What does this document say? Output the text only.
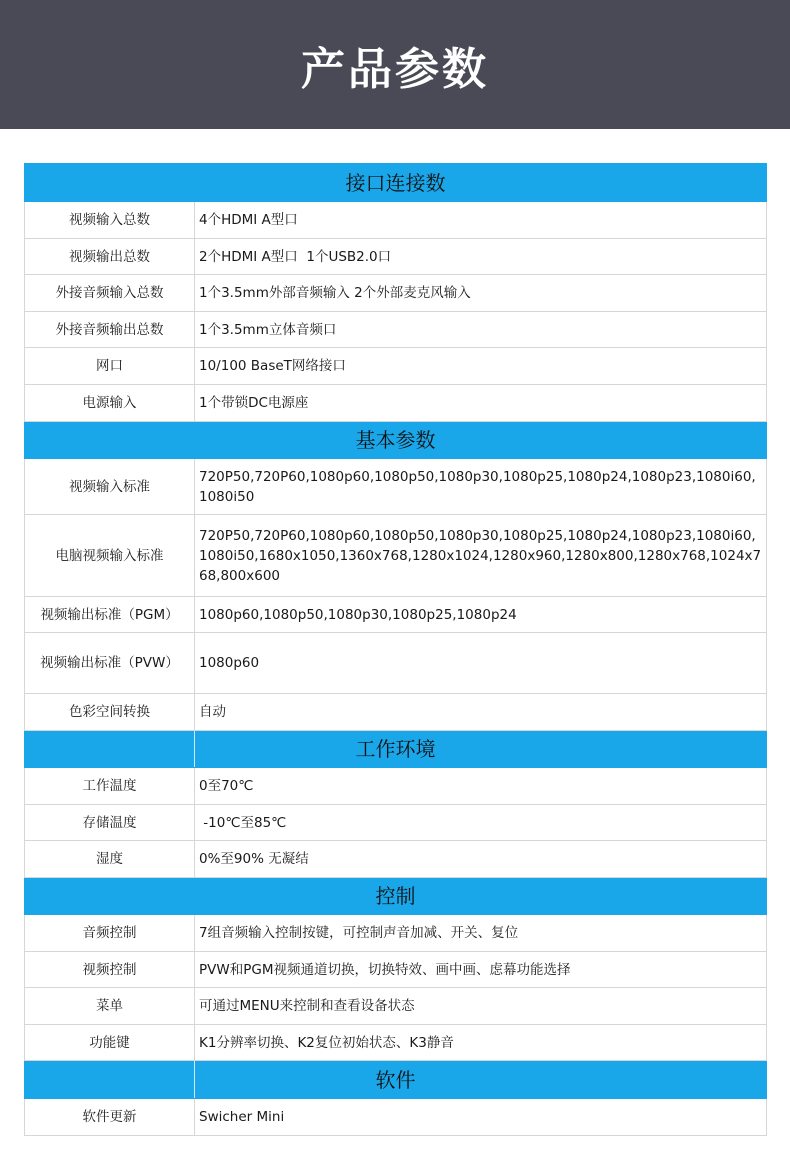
产品参数
接口连接数	
视频输入总数	4个HDMI A型口
视频输出总数	2个HDMI A型口  1个USB2.0口
外接音频输入总数	1个3.5mm外部音频输入 2个外部麦克风输入
外接音频输出总数	1个3.5mm立体音频口
网口	10/100 BaseT网络接口
电源输入	1个带锁DC电源座
基本参数	
视频输入标准	720P50,720P60,1080p60,1080p50,1080p30,1080p25,1080p24,1080p23,1080i60,1080i50
电脑视频输入标准	720P50,720P60,1080p60,1080p50,1080p30,1080p25,1080p24,1080p23,1080i60,1080i50,1680x1050,1360x768,1280x1024,1280x960,1280x800,1280x768,1024x768,800x600
视频输出标准（PGM）	1080p60,1080p50,1080p30,1080p25,1080p24
视频输出标准（PVW）	1080p60
色彩空间转换	自动
	工作环境
工作温度	0至70℃
存储温度	-10℃至85℃
湿度	0%至90% 无凝结
控制	
音频控制	7组音频输入控制按键，可控制声音加减、开关、复位
视频控制	PVW和PGM视频通道切换，切换特效、画中画、虑幕功能选择
菜单	可通过MENU来控制和查看设备状态
功能键	K1分辨率切换、K2复位初始状态、K3静音
	软件
软件更新	Swicher Mini
